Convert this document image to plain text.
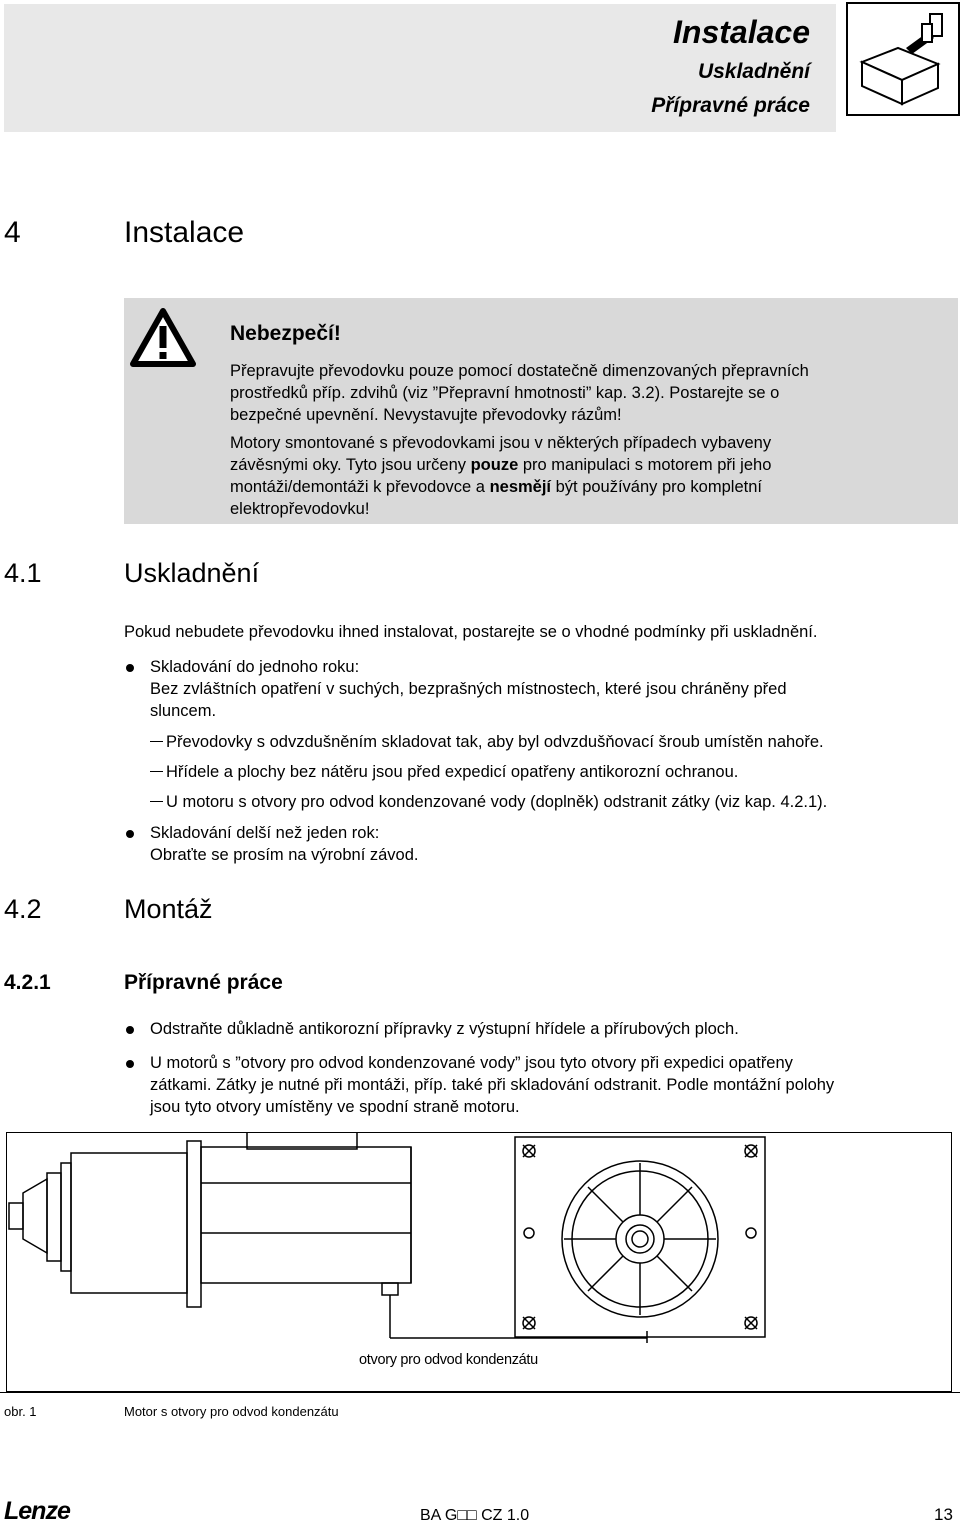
Instalace
Uskladnění
Přípravné práce
4	Instalace
Nebezpečí!
Přepravujte převodovku pouze pomocí dostatečně dimenzovaných přepravních
prostředků příp. zdvihů (viz ”Přepravní hmotnosti” kap. 3.2). Postarejte se o
bezpečné upevnění. Nevystavujte převodovky rázům!
Motory smontované s převodovkami jsou v některých případech vybaveny
závěsnými oky. Tyto jsou určeny pouze pro manipulaci s motorem při jeho
montáži/demontáži k převodovce a nesmějí být používány pro kompletní
elektropřevodovku!
4.1	Uskladnění
Pokud nebudete převodovku ihned instalovat, postarejte se o vhodné podmínky při uskladnění.
Skladování do jednoho roku:
Bez zvláštních opatření v suchých, bezprašných místnostech, které jsou chráněny před
sluncem.
Převodovky s odvzdušněním skladovat tak, aby byl odvzdušňovací šroub umístěn nahoře.
Hřídele a plochy bez nátěru jsou před expedicí opatřeny antikorozní ochranou.
U motoru s otvory pro odvod kondenzované vody (doplněk) odstranit zátky (viz kap. 4.2.1).
Skladování delší než jeden rok:
Obraťte se prosím na výrobní závod.
4.2	Montáž
4.2.1	Přípravné práce
Odstraňte důkladně antikorozní přípravky z výstupní hřídele a přírubových ploch.
U motorů s ”otvory pro odvod kondenzované vody” jsou tyto otvory při expedici opatřeny
zátkami. Zátky je nutné při montáži, příp. také při skladování odstranit. Podle montážní polohy
jsou tyto otvory umístěny ve spodní straně motoru.
otvory pro odvod kondenzátu
obr. 1	Motor s otvory pro odvod kondenzátu
Lenze	BA G□□ CZ 1.0	13
